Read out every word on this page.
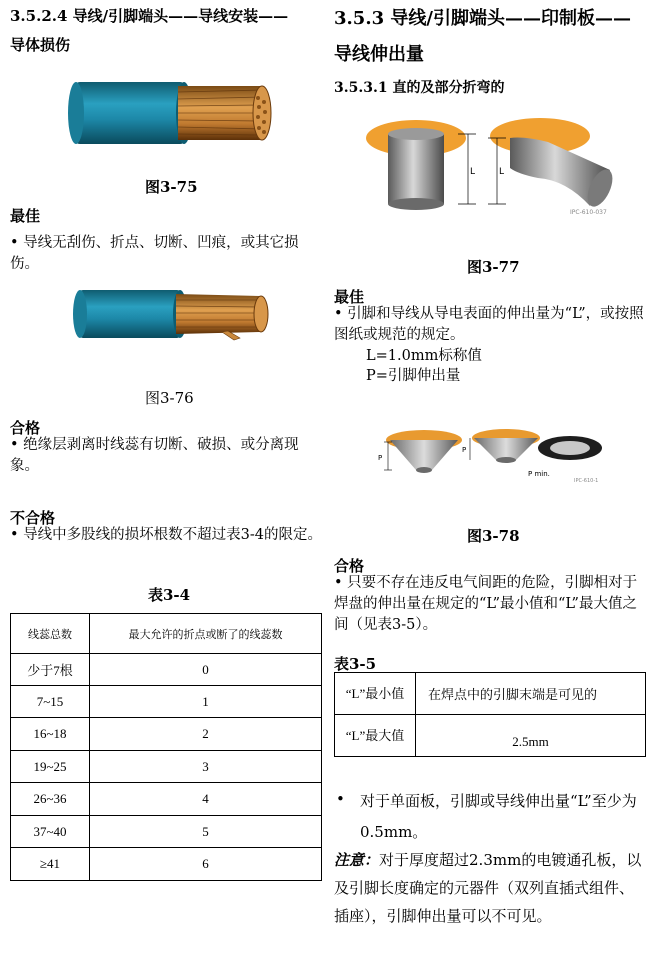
3.5.2.4 导线/引脚端头——导线安装——
导体损伤
图3-75
最佳
• 导线无刮伤、折点、切断、凹痕，或其它损伤。
图3-76
合格
• 绝缘层剥离时线蕊有切断、破损、或分离现象。
不合格
• 导线中多股线的损坏根数不超过表3-4的限定。
表3-4
线蕊总数	最大允许的折点或断了的线蕊数
少于7根	0
7~15	1
16~18	2
19~25	3
26~36	4
37~40	5
≥41	6
3.5.3 导线/引脚端头——印制板——
导线伸出量
3.5.3.1 直的及部分折弯的
L	L
IPC-610-037
图3-77
最佳
• 引脚和导线从导电表面的伸出量为“L”，或按照图纸或规范的规定。
L=1.0mm标称值
P=引脚伸出量
P
P
P min.
IPC-610-1
图3-78
合格
• 只要不存在违反电气间距的危险，引脚相对于焊盘的伸出量在规定的“L”最小值和“L”最大值之间（见表3-5）。
表3-5
“L”最小值	在焊点中的引脚末端是可见的
“L”最大值	2.5mm
• 对于单面板，引脚或导线伸出量“L”至少为0.5mm。
注意：对于厚度超过2.3mm的电镀通孔板，以及引脚长度确定的元器件（双列直插式组件、插座），引脚伸出量可以不可见。
